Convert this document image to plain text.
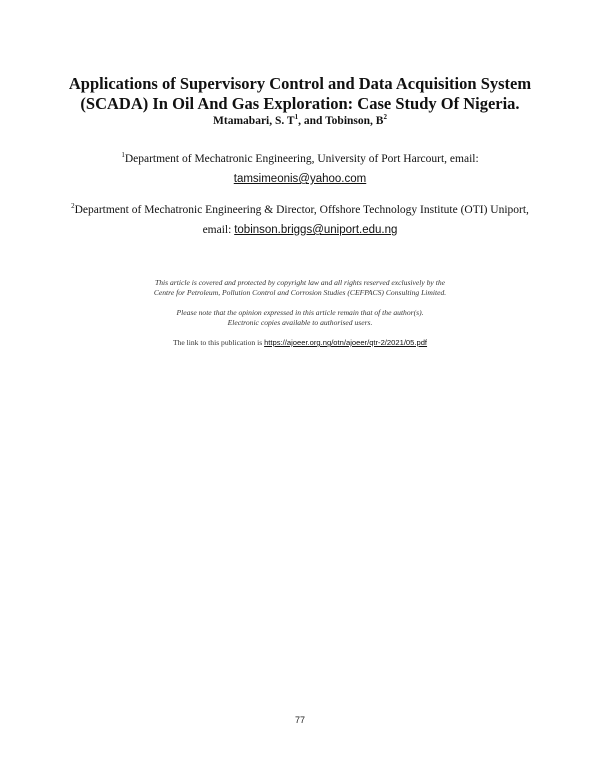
Applications of Supervisory Control and Data Acquisition System
(SCADA) In Oil And Gas Exploration: Case Study Of Nigeria.
Mtamabari, S. $T^1$, and Tobinson, $B^2$
$^1$Department of Mechatronic Engineering, University of Port Harcourt, email:
tamsimeonis@yahoo.com
$^2$Department of Mechatronic Engineering & Director, Offshore Technology Institute (OTI) Uniport,
email: tobinson.briggs@uniport.edu.ng
This article is covered and protected by copyright law and all rights reserved exclusively by the
Centre for Petroleum, Pollution Control and Corrosion Studies (CEFPACS) Consulting Limited.
Please note that the opinion expressed in this article remain that of the author(s).
Electronic copies available to authorised users.
The link to this publication is https://ajoeer.org.ng/otn/ajoeer/qtr-2/2021/05.pdf
77
